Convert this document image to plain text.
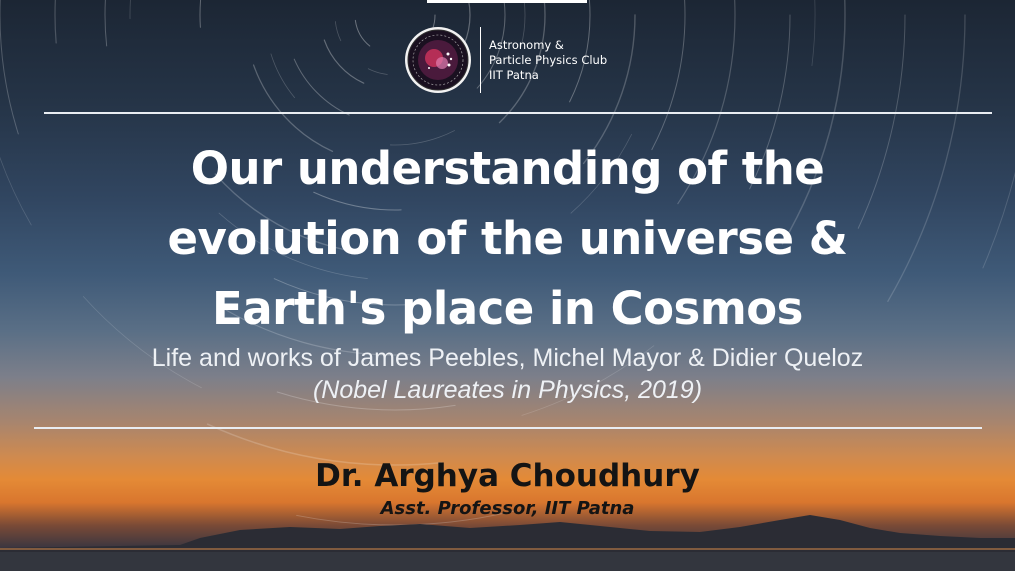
Astronomy &
Particle Physics Club
IIT Patna
Our understanding of the
evolution of the universe &
Earth's place in Cosmos
Life and works of James Peebles, Michel Mayor & Didier Queloz
(Nobel Laureates in Physics, 2019)
Dr. Arghya Choudhury
Asst. Professor, IIT Patna
